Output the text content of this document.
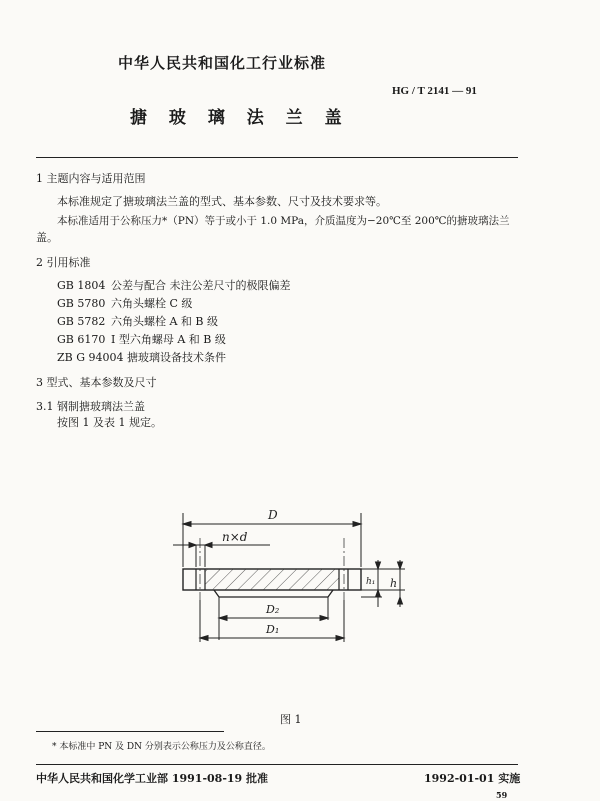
中华人民共和国化工行业标准
HG / T 2141 — 91
搪 玻 璃 法 兰 盖
1 主题内容与适用范围
本标准规定了搪玻璃法兰盖的型式、基本参数、尺寸及技术要求等。
本标准适用于公称压力*（PN）等于或小于 1.0 MPa，介质温度为−20℃至 200℃的搪玻璃法兰
盖。
2 引用标准
GB 1804 公差与配合 未注公差尺寸的极限偏差
GB 5780 六角头螺栓 C 级
GB 5782 六角头螺栓 A 和 B 级
GB 6170 I 型六角螺母 A 和 B 级
ZB G 94004 搪玻璃设备技术条件
3 型式、基本参数及尺寸
3.1 钢制搪玻璃法兰盖
按图 1 及表 1 规定。
D
n×d
D₂
D₁
h₁ h
图 1
* 本标准中 PN 及 DN 分别表示公称压力及公称直径。
中华人民共和国化学工业部 1991-08-19 批准	1992-01-01 实施
59
